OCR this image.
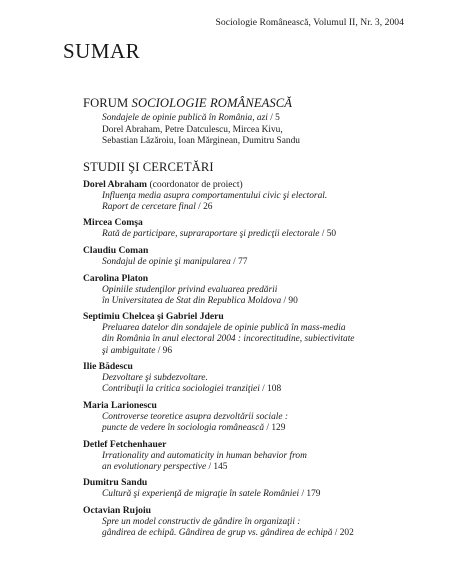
Sociologie Românească, Volumul II, Nr. 3, 2004
SUMAR
FORUM SOCIOLOGIE ROMÂNEASCĂ
Sondajele de opinie publică în România, azi / 5
Dorel Abraham, Petre Datculescu, Mircea Kivu,
Sebastian Lăzăroiu, Ioan Mărginean, Dumitru Sandu
STUDII ŞI CERCETĂRI
Dorel Abraham (coordonator de proiect)
Influenţa media asupra comportamentului civic şi electoral.
Raport de cercetare final / 26
Mircea Comşa
Rată de participare, supraraportare şi predicţii electorale / 50
Claudiu Coman
Sondajul de opinie şi manipularea / 77
Carolina Platon
Opiniile studenţilor privind evaluarea predării
în Universitatea de Stat din Republica Moldova / 90
Septimiu Chelcea şi Gabriel Jderu
Preluarea datelor din sondajele de opinie publică în mass-media
din România în anul electoral 2004 : incorectitudine, subiectivitate
şi ambiguitate / 96
Ilie Bădescu
Dezvoltare şi subdezvoltare.
Contribuţii la critica sociologiei tranziţiei / 108
Maria Larionescu
Controverse teoretice asupra dezvoltării sociale :
puncte de vedere în sociologia românească / 129
Detlef Fetchenhauer
Irrationality and automaticity in human behavior from
an evolutionary perspective / 145
Dumitru Sandu
Cultură şi experienţă de migraţie în satele României / 179
Octavian Rujoiu
Spre un model constructiv de gândire în organizaţii :
gândirea de echipă. Gândirea de grup vs. gândirea de echipă / 202
